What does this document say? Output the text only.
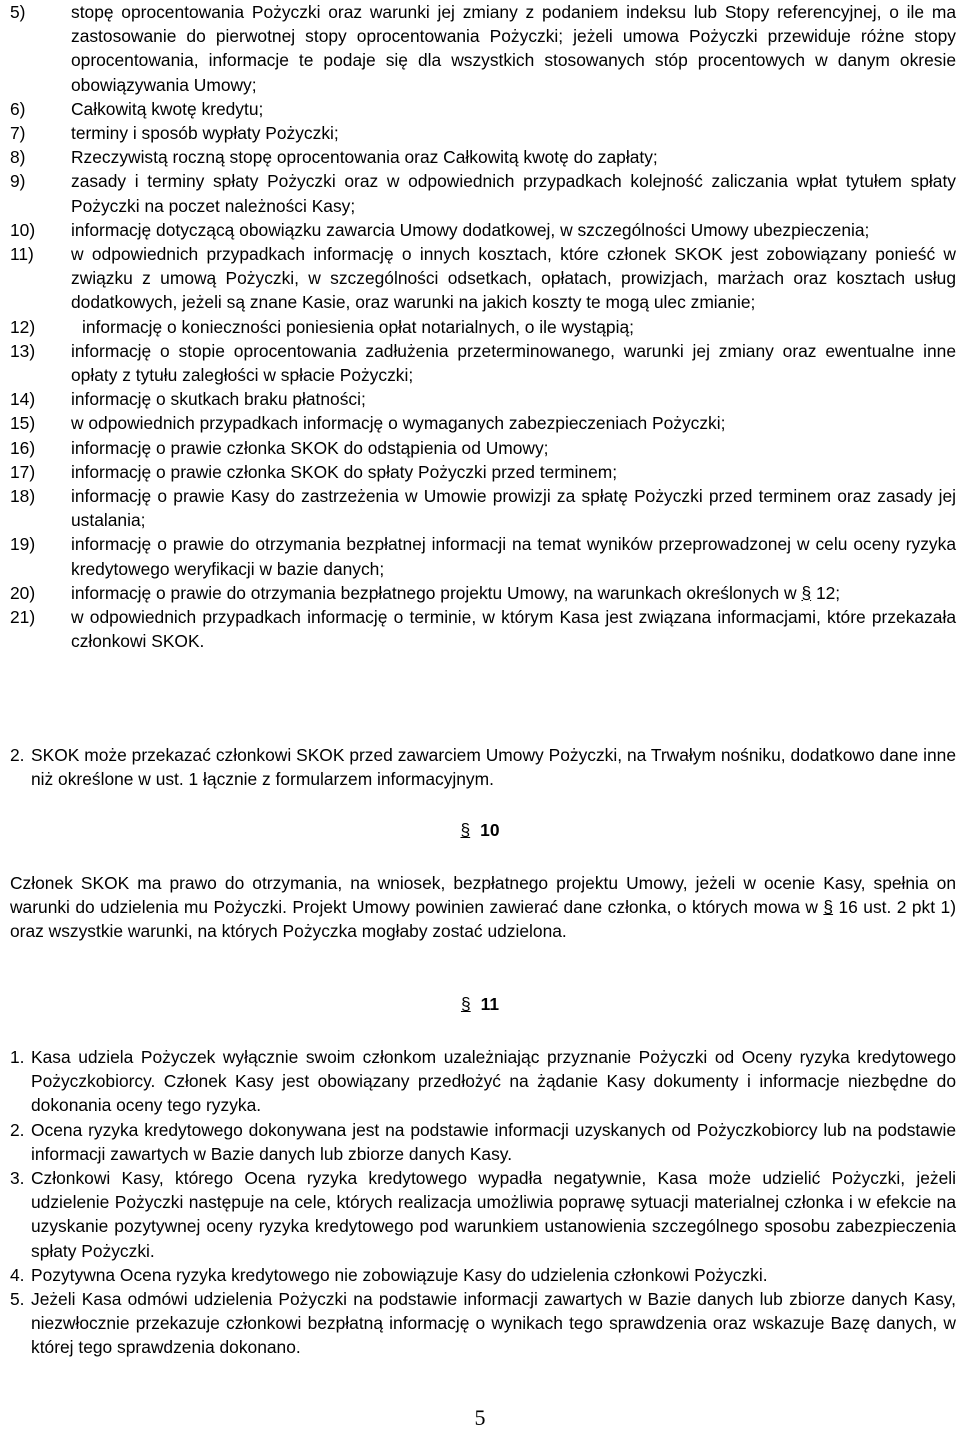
5)	stopę oprocentowania Pożyczki oraz warunki jej zmiany z podaniem indeksu lub Stopy referencyjnej, o ile ma zastosowanie do pierwotnej stopy oprocentowania Pożyczki; jeżeli umowa Pożyczki przewiduje różne stopy oprocentowania, informacje te podaje się dla wszystkich stosowanych stóp procentowych w danym okresie obowiązywania Umowy;
6)	Całkowitą kwotę kredytu;
7)	terminy i sposób wypłaty Pożyczki;
8)	Rzeczywistą roczną stopę oprocentowania oraz Całkowitą kwotę do zapłaty;
9)	zasady i terminy spłaty Pożyczki oraz w odpowiednich przypadkach kolejność zaliczania wpłat tytułem spłaty Pożyczki na poczet należności Kasy;
10)	informację dotyczącą obowiązku zawarcia Umowy dodatkowej, w szczególności Umowy ubezpieczenia;
11)	w odpowiednich przypadkach informację o innych kosztach, które członek SKOK jest zobowiązany ponieść w związku z umową Pożyczki, w szczególności odsetkach, opłatach, prowizjach, marżach oraz kosztach usług dodatkowych, jeżeli są znane Kasie, oraz warunki na jakich koszty te mogą ulec zmianie;
12)	informację o konieczności poniesienia opłat notarialnych, o ile wystąpią;
13)	informację o stopie oprocentowania zadłużenia przeterminowanego, warunki jej zmiany oraz ewentualne inne opłaty z tytułu zaległości w spłacie Pożyczki;
14)	informację o skutkach braku płatności;
15)	w odpowiednich przypadkach informację o wymaganych zabezpieczeniach Pożyczki;
16)	informację o prawie członka SKOK do odstąpienia od Umowy;
17)	informację o prawie członka SKOK do spłaty Pożyczki przed terminem;
18)	informację o prawie Kasy do zastrzeżenia w Umowie prowizji za spłatę Pożyczki przed terminem oraz zasady jej ustalania;
19)	informację o prawie do otrzymania bezpłatnej informacji na temat wyników przeprowadzonej w celu oceny ryzyka kredytowego weryfikacji w bazie danych;
20)	informację o prawie do otrzymania bezpłatnego projektu Umowy, na warunkach określonych w § 12;
21)	w odpowiednich przypadkach informację o terminie, w którym Kasa jest związana informacjami, które przekazała członkowi SKOK.
2. SKOK może przekazać członkowi SKOK przed zawarciem Umowy Pożyczki, na Trwałym nośniku, dodatkowo dane inne niż określone w ust. 1 łącznie z formularzem informacyjnym.
§ 10
Członek SKOK ma prawo do otrzymania, na wniosek, bezpłatnego projektu Umowy, jeżeli w ocenie Kasy, spełnia on warunki do udzielenia mu Pożyczki. Projekt Umowy powinien zawierać dane członka, o których mowa w § 16 ust. 2 pkt 1) oraz wszystkie warunki, na których Pożyczka mogłaby zostać udzielona.
§ 11
1. Kasa udziela Pożyczek wyłącznie swoim członkom uzależniając przyznanie Pożyczki od Oceny ryzyka kredytowego Pożyczkobiorcy. Członek Kasy jest obowiązany przedłożyć na żądanie Kasy dokumenty i informacje niezbędne do dokonania oceny tego ryzyka.
2. Ocena ryzyka kredytowego dokonywana jest na podstawie informacji uzyskanych od Pożyczkobiorcy lub na podstawie informacji zawartych w Bazie danych lub zbiorze danych Kasy.
3. Członkowi Kasy, którego Ocena ryzyka kredytowego wypadła negatywnie, Kasa może udzielić Pożyczki, jeżeli udzielenie Pożyczki następuje na cele, których realizacja umożliwia poprawę sytuacji materialnej członka i w efekcie na uzyskanie pozytywnej oceny ryzyka kredytowego pod warunkiem ustanowienia szczególnego sposobu zabezpieczenia spłaty Pożyczki.
4. Pozytywna Ocena ryzyka kredytowego nie zobowiązuje Kasy do udzielenia członkowi Pożyczki.
5. Jeżeli Kasa odmówi udzielenia Pożyczki na podstawie informacji zawartych w Bazie danych lub zbiorze danych Kasy, niezwłocznie przekazuje członkowi bezpłatną informację o wynikach tego sprawdzenia oraz wskazuje Bazę danych, w której tego sprawdzenia dokonano.
5
